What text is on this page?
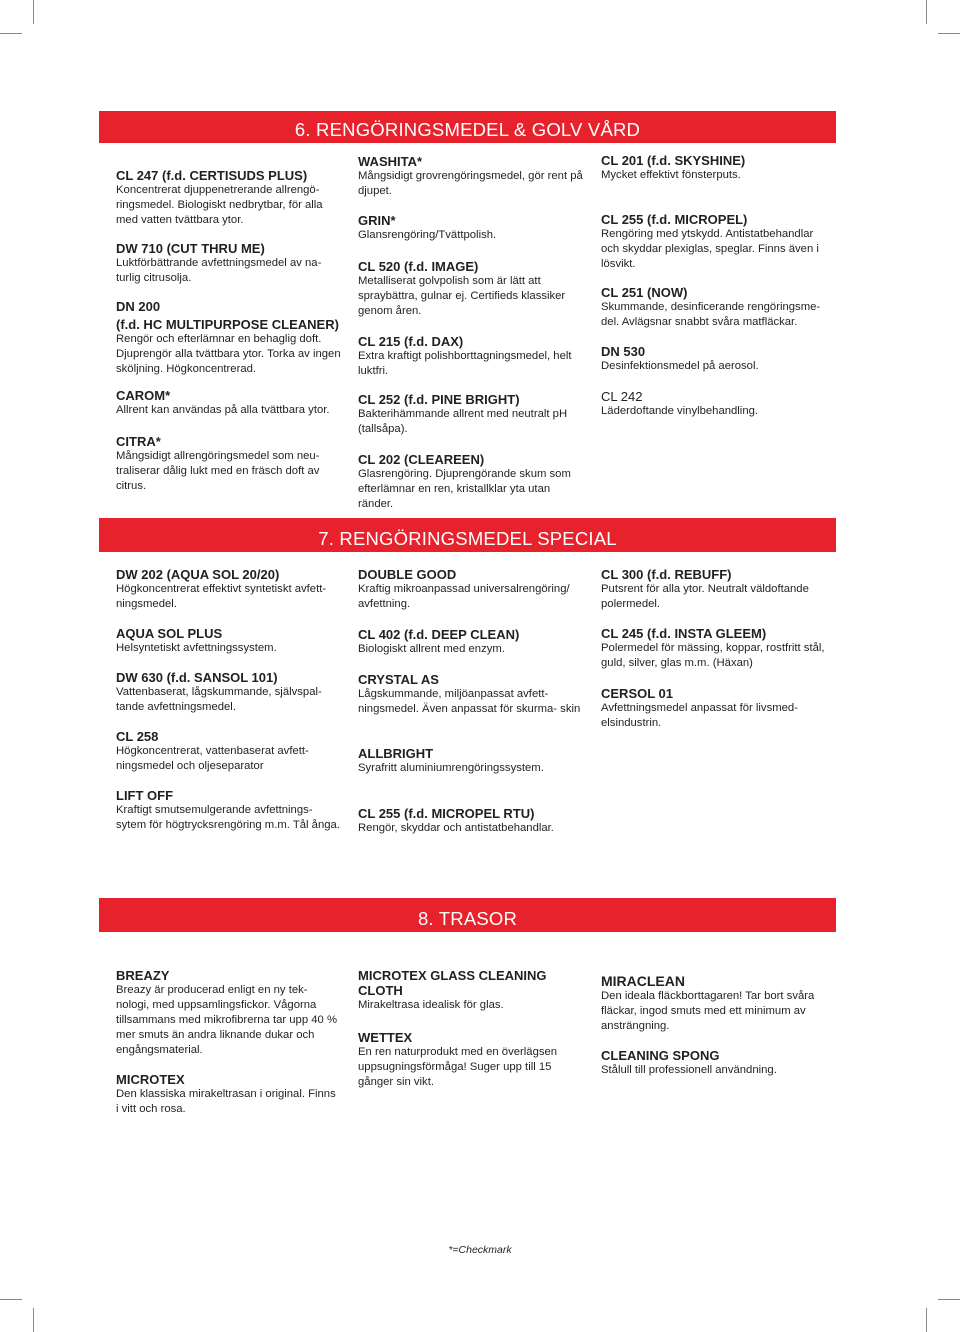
6. RENGÖRINGSMEDEL & GOLV VÅRD
CL 247 (f.d. CERTISUDS PLUS)
Koncentrerat djuppenetrerande allrengö- ringsmedel. Biologiskt nedbrytbar, för alla med vatten tvättbara ytor.
DW 710 (CUT THRU ME)
Luktförbättrande avfettningsmedel av na- turlig citrusolja.
DN 200
(f.d. HC MULTIPURPOSE CLEANER)
Rengör och efterlämnar en behaglig doft. Djuprengör alla tvättbara ytor. Torka av ingen sköljning. Högkoncentrerad.
CAROM*
Allrent kan användas på alla tvättbara ytor.
CITRA*
Mångsidigt allrengöringsmedel som neu- traliserar dålig lukt med en fräsch doft av citrus.
WASHITA*
Mångsidigt grovrengöringsmedel, gör rent på djupet.
GRIN*
Glansrengöring/Tvättpolish.
CL 520 (f.d. IMAGE)
Metalliserat golvpolish som är lätt att spraybättra, gulnar ej. Certifieds klassiker genom åren.
CL 215 (f.d. DAX)
Extra kraftigt polishborttagningsmedel, helt luktfri.
CL 252 (f.d. PINE BRIGHT)
Bakterihämmande allrent med neutralt pH (tallsåpa).
CL 202 (CLEAREEN)
Glasrengöring. Djuprengörande skum som efterlämnar en ren, kristallklar yta utan ränder.
CL 201 (f.d. SKYSHINE)
Mycket effektivt fönsterputs.
CL 255 (f.d. MICROPEL)
Rengöring med ytskydd. Antistatbehandlar och skyddar plexiglas, speglar. Finns även i lösvikt.
CL 251 (NOW)
Skummande, desinficerande rengöringsme- del. Avlägsnar snabbt svåra matfläckar.
DN 530
Desinfektionsmedel på aerosol.
CL 242
Läderdoftande vinylbehandling.
7. RENGÖRINGSMEDEL SPECIAL
DW 202 (AQUA SOL 20/20)
Högkoncentrerat effektivt syntetiskt avfett- ningsmedel.
AQUA SOL PLUS
Helsyntetiskt avfettningssystem.
DW 630 (f.d. SANSOL 101)
Vattenbaserat, lågskummande, självspal- tande avfettningsmedel.
CL 258
Högkoncentrerat, vattenbaserat avfett- ningsmedel och oljeseparator
LIFT OFF
Kraftigt smutsemulgerande avfettnings- sytem för högtrycksrengöring m.m. Tål ånga.
DOUBLE GOOD
Kraftig mikroanpassad universalrengöring/ avfettning.
CL 402 (f.d. DEEP CLEAN)
Biologiskt allrent med enzym.
CRYSTAL AS
Lågskummande, miljöanpassat avfett- ningsmedel. Även anpassat för skurma- skin
ALLBRIGHT
Syrafritt aluminiumrengöringssystem.
CL 255 (f.d. MICROPEL RTU)
Rengör, skyddar och antistatbehandlar.
CL 300 (f.d. REBUFF)
Putsrent för alla ytor. Neutralt väldoftande polermedel.
CL 245 (f.d. INSTA GLEEM)
Polermedel för mässing, koppar, rostfritt stål, guld, silver, glas m.m. (Häxan)
CERSOL 01
Avfettningsmedel anpassat för livsmed- elsindustrin.
8. TRASOR
BREAZY
Breazy är producerad enligt en ny tek- nologi, med uppsamlingsfickor. Vågorna tillsammans med mikrofibrerna tar upp 40 % mer smuts än andra liknande dukar och engångsmaterial.
MICROTEX
Den klassiska mirakeltrasan i original. Finns i vitt och rosa.
MICROTEX GLASS CLEANING
CLOTH
Mirakeltrasa idealisk för glas.
WETTEX
En ren naturprodukt med en överlägsen uppsugningsförmåga! Suger upp till 15 gånger sin vikt.
MIRACLEAN
Den ideala fläckborttagaren! Tar bort svåra fläckar, ingod smuts med ett minimum av ansträngning.
CLEANING SPONG
Stålull till professionell användning.
*=Checkmark
